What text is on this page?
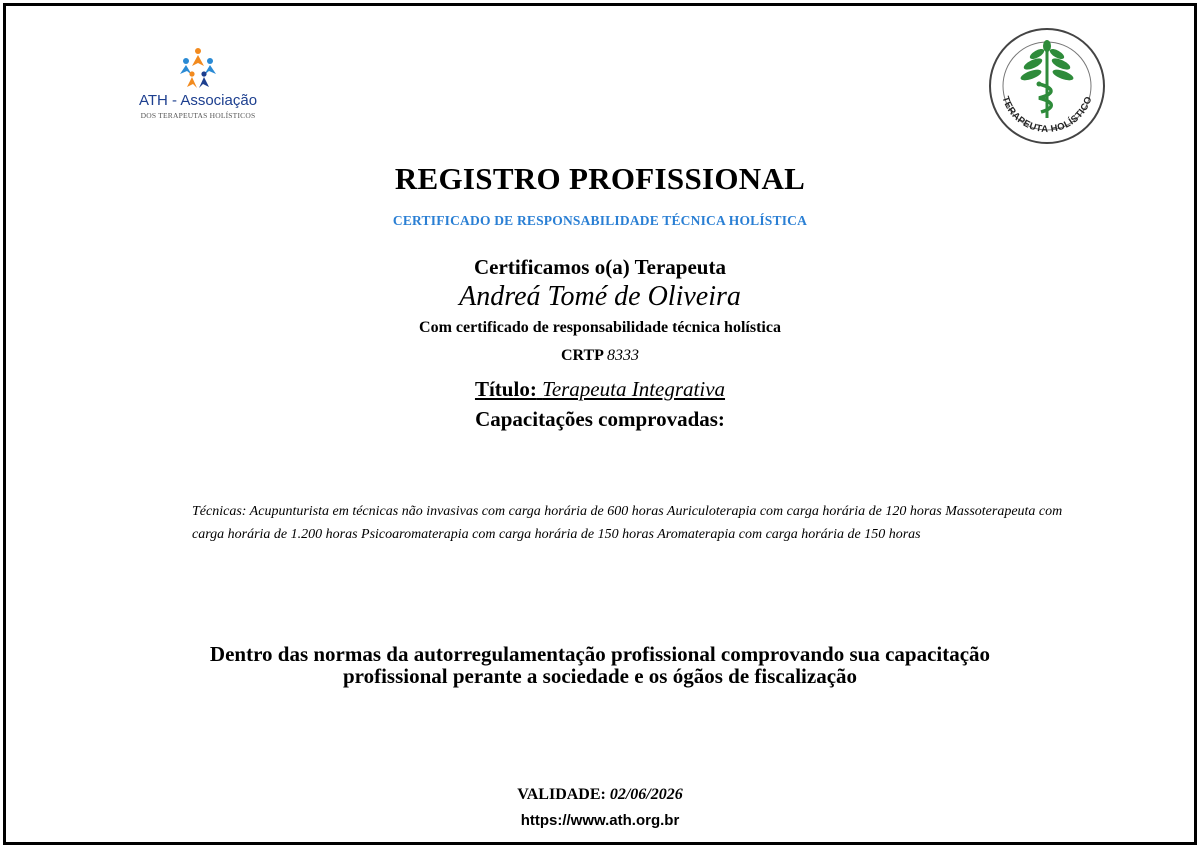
ATH - Associação
DOS TERAPEUTAS HOLÍSTICOS
TERAPEUTA HOLÍSTICO
REGISTRO PROFISSIONAL
CERTIFICADO DE RESPONSABILIDADE TÉCNICA HOLÍSTICA
Certificamos o(a) Terapeuta
Andreá Tomé de Oliveira
Com certificado de responsabilidade técnica holística
CRTP 8333
Título: Terapeuta Integrativa
Capacitações comprovadas:
Técnicas: Acupunturista em técnicas não invasivas com carga horária de 600 horas Auriculoterapia com carga horária de 120 horas Massoterapeuta com carga horária de 1.200 horas Psicoaromaterapia com carga horária de 150 horas Aromaterapia com carga horária de 150 horas
Dentro das normas da autorregulamentação profissional comprovando sua capacitação
profissional perante a sociedade e os ógãos de fiscalização
VALIDADE: 02/06/2026
https://www.ath.org.br
